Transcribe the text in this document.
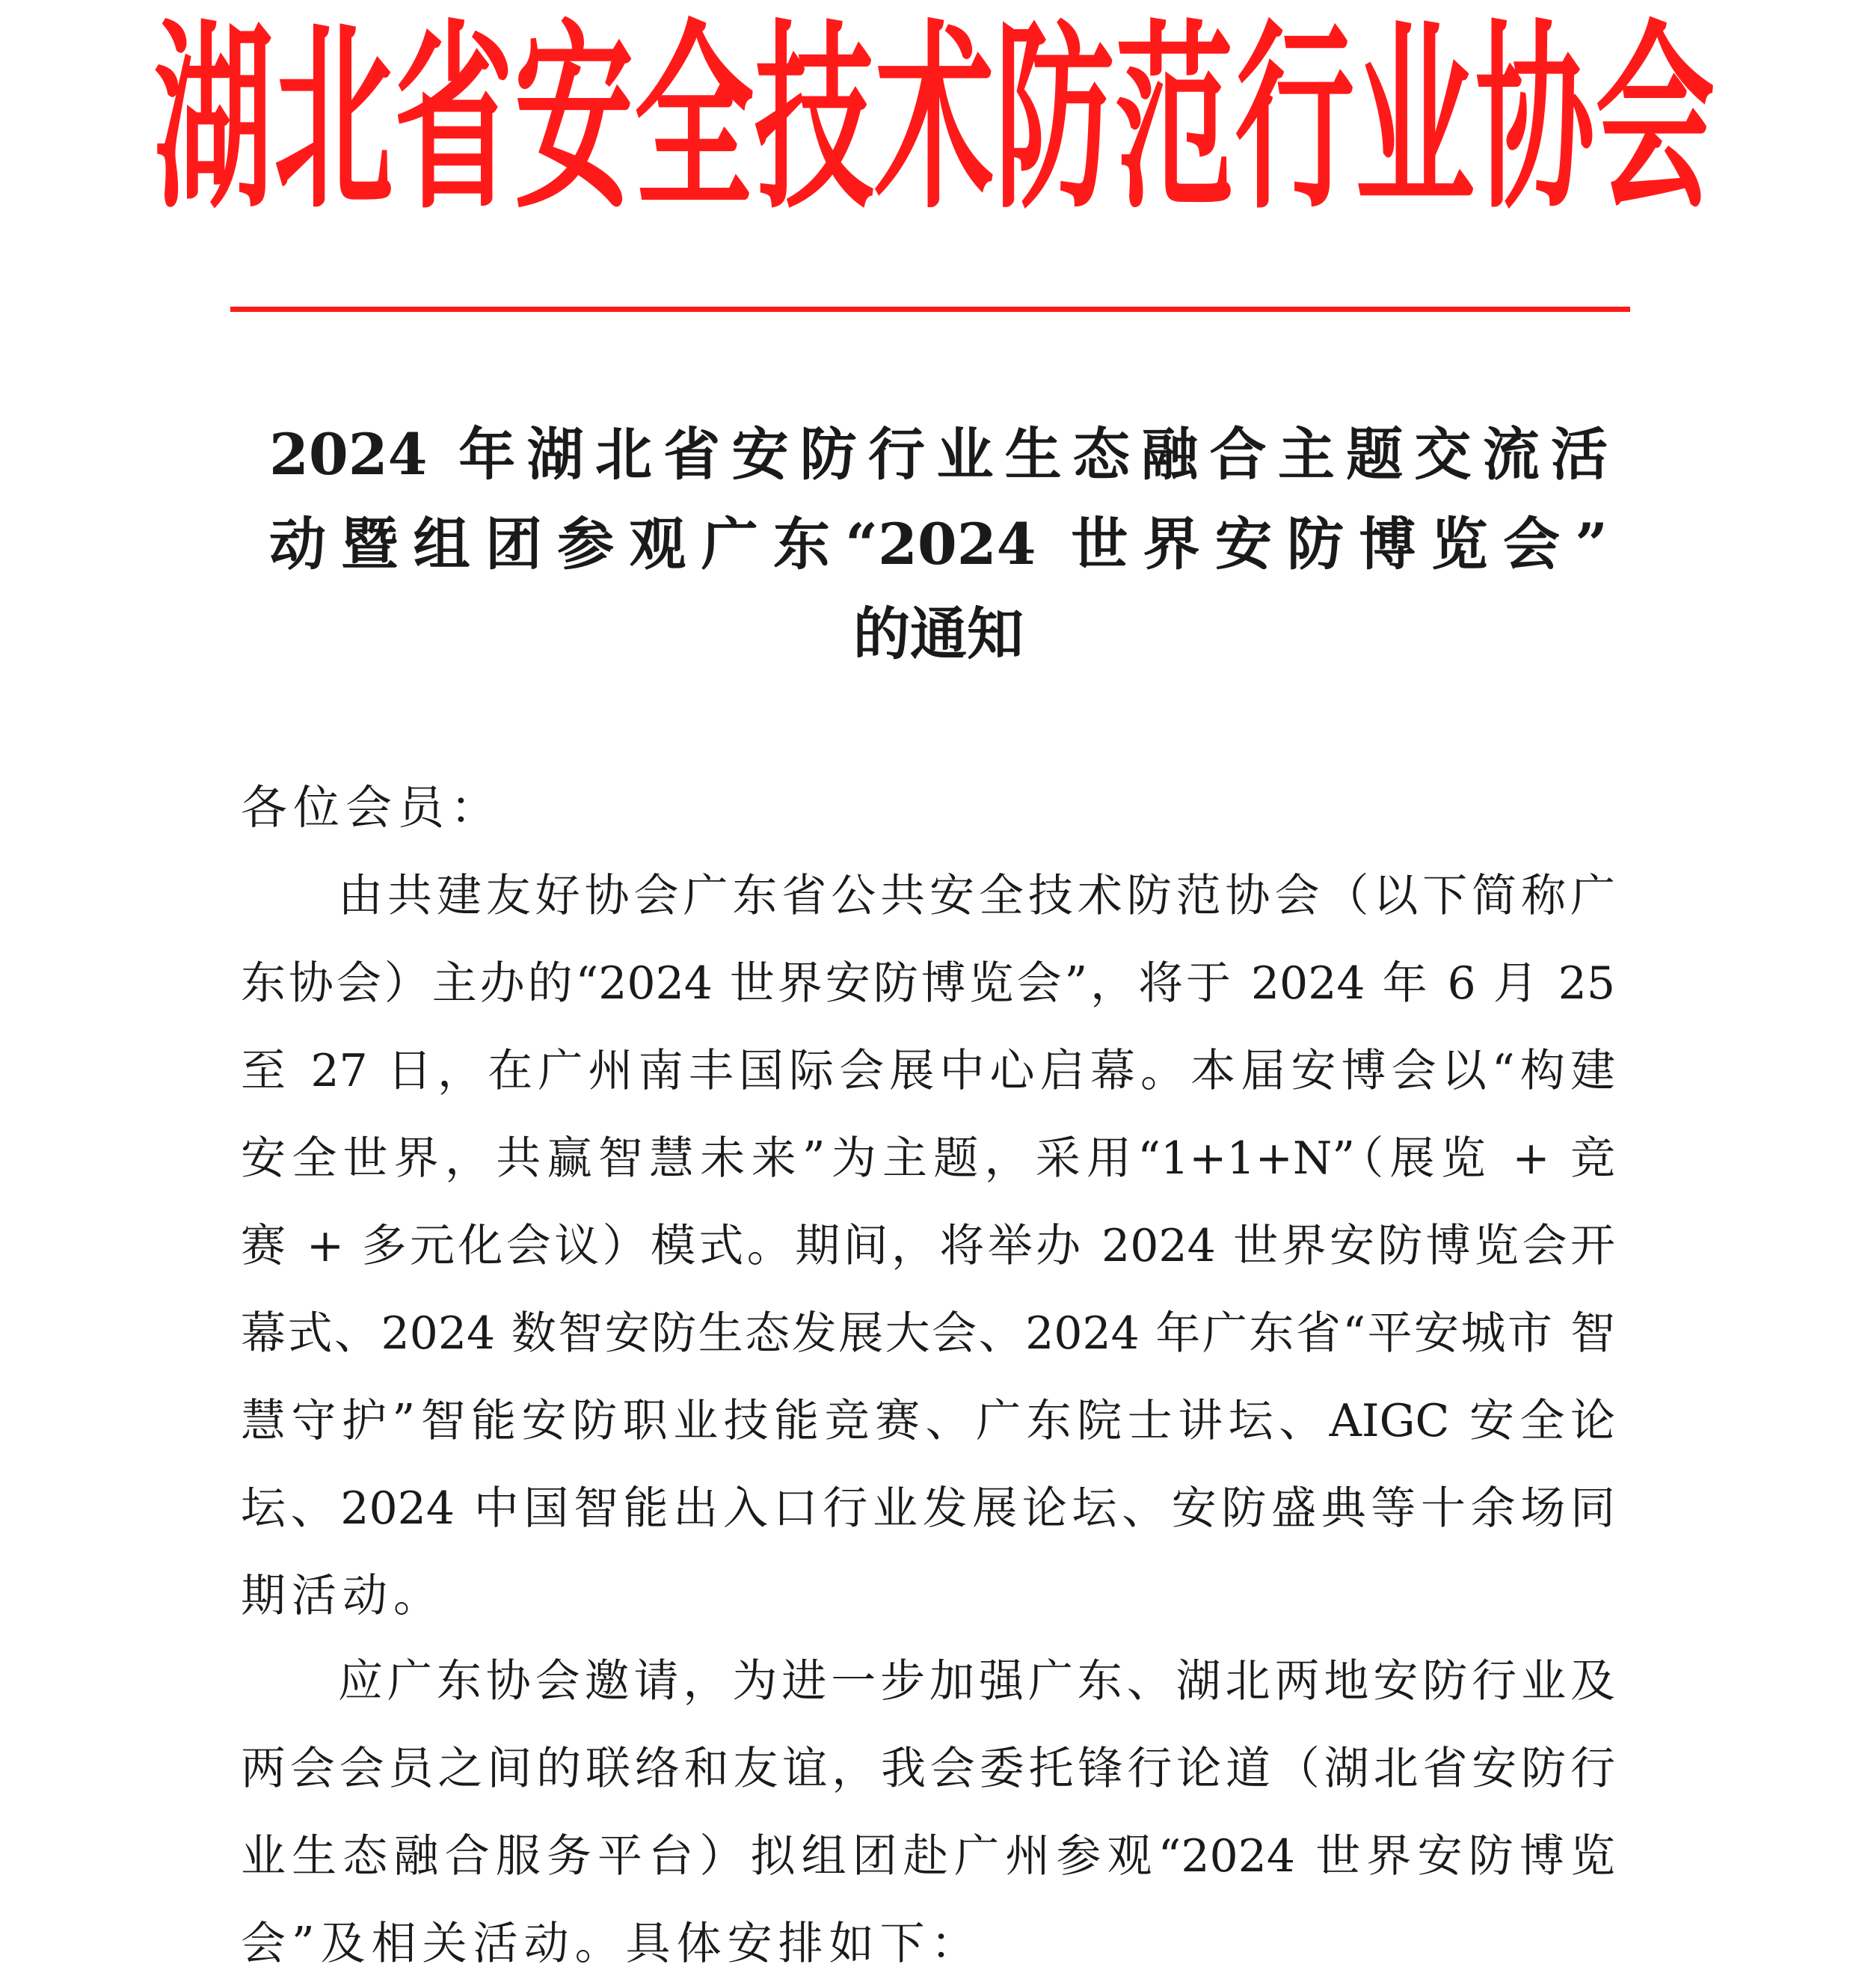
湖北省安全技术防范行业协会
2024 年湖北省安防行业生态融合主题交流活
动暨组团参观广东“2024 世界安防博览会”
的通知
各位会员：
由共建友好协会广东省公共安全技术防范协会（以下简称广
东协会）主办的“2024 世界安防博览会”，将于 2024 年 6 月 25
至 27 日，在广州南丰国际会展中心启幕。本届安博会以“构建
安全世界，共赢智慧未来”为主题，采用“1+1+N”（展览 + 竞
赛 + 多元化会议）模式。期间，将举办 2024 世界安防博览会开
幕式、2024 数智安防生态发展大会、2024 年广东省“平安城市 智
慧守护”智能安防职业技能竞赛、广东院士讲坛、AIGC 安全论
坛、2024 中国智能出入口行业发展论坛、安防盛典等十余场同
期活动。
应广东协会邀请，为进一步加强广东、湖北两地安防行业及
两会会员之间的联络和友谊，我会委托锋行论道（湖北省安防行
业生态融合服务平台）拟组团赴广州参观“2024 世界安防博览
会”及相关活动。具体安排如下：
